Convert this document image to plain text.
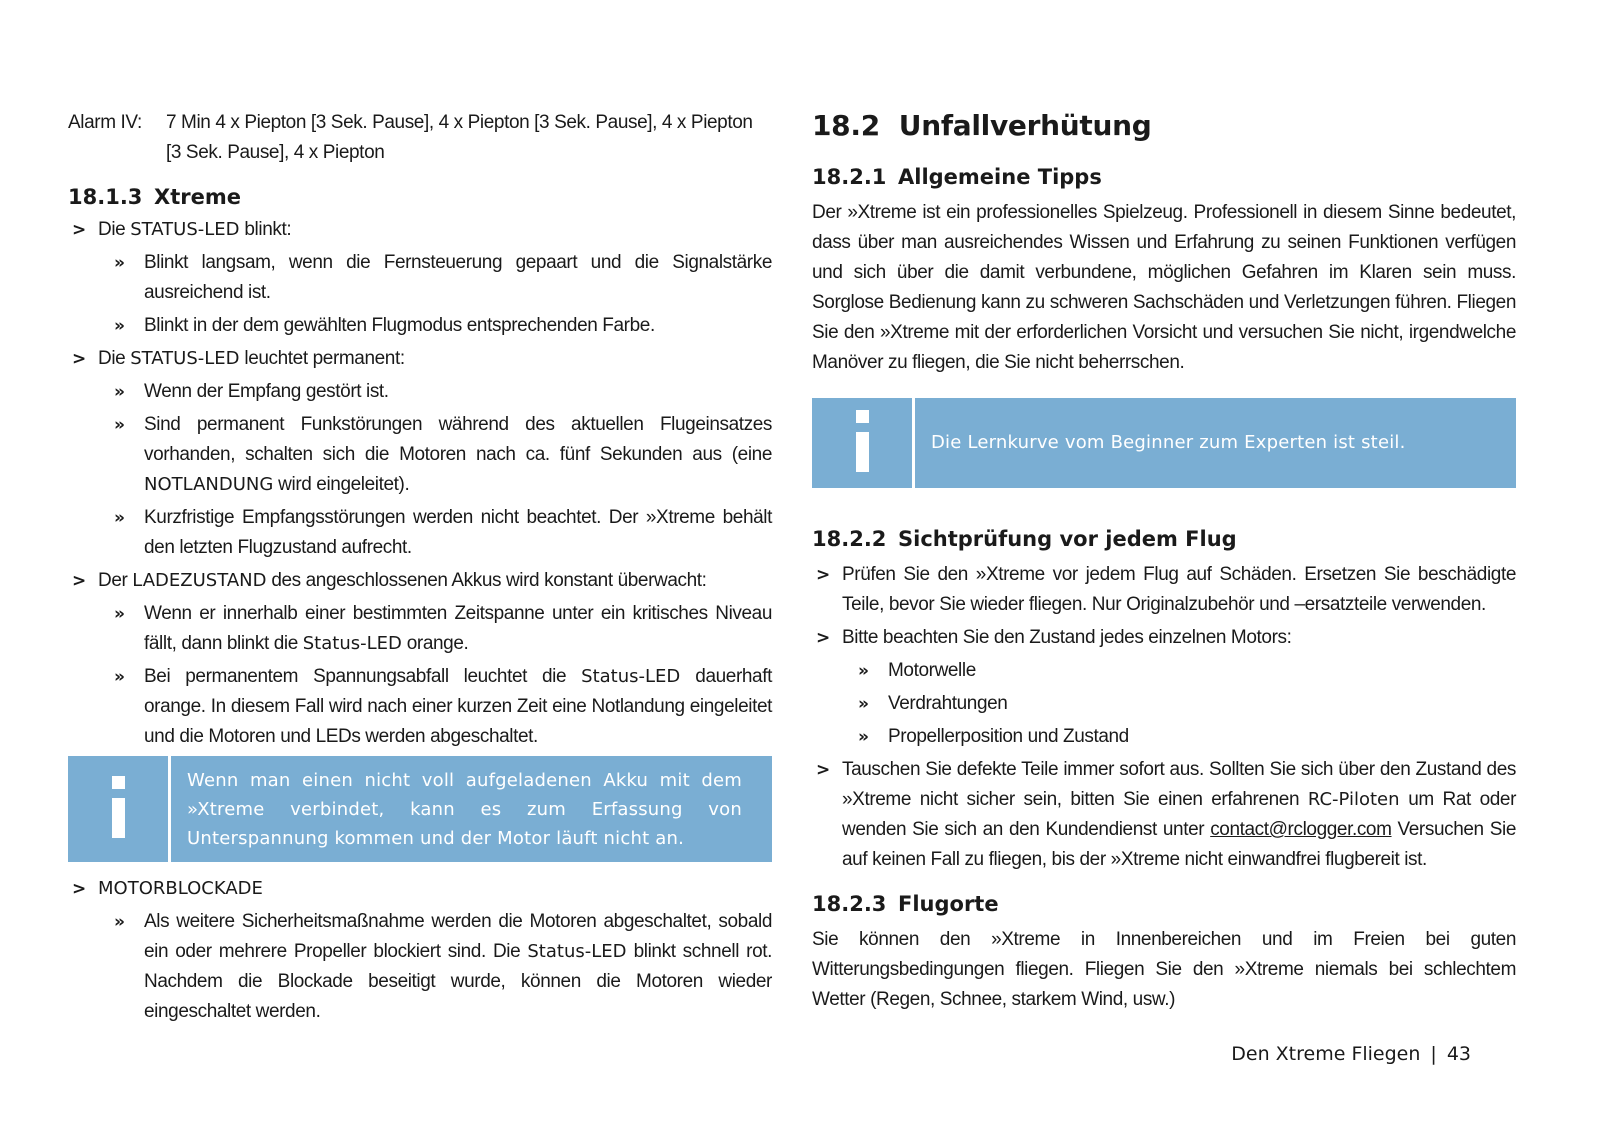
Alarm IV:	7 Min 4 x Piepton [3 Sek. Pause], 4 x Piepton [3 Sek. Pause], 4 x Piepton [3 Sek. Pause], 4 x Piepton
18.1.3 Xtreme
> Die STATUS-LED blinkt:
»	Blinkt langsam, wenn die Fernsteuerung gepaart und die Signalstärke ausreichend ist.
»	Blinkt in der dem gewählten Flugmodus entsprechenden Farbe.
> Die STATUS-LED leuchtet permanent:
»	Wenn der Empfang gestört ist.
»	Sind permanent Funkstörungen während des aktuellen Flugeinsatzes vorhanden, schalten sich die Motoren nach ca. fünf Sekunden aus (eine NOTLANDUNG wird eingeleitet).
»	Kurzfristige Empfangsstörungen werden nicht beachtet. Der »Xtreme behält den letzten Flugzustand aufrecht.
> Der LADEZUSTAND des angeschlossenen Akkus wird konstant überwacht:
»	Wenn er innerhalb einer bestimmten Zeitspanne unter ein kritisches Niveau fällt, dann blinkt die Status-LED orange.
»	Bei permanentem Spannungsabfall leuchtet die Status-LED dauerhaft orange. In diesem Fall wird nach einer kurzen Zeit eine Notlandung eingeleitet und die Motoren und LEDs werden abgeschaltet.
Wenn man einen nicht voll aufgeladenen Akku mit dem »Xtreme verbindet, kann es zum Erfassung von Unterspannung kommen und der Motor läuft nicht an.
> MOTORBLOCKADE
»	Als weitere Sicherheitsmaßnahme werden die Motoren abgeschaltet, sobald ein oder mehrere Propeller blockiert sind. Die Status-LED blinkt schnell rot. Nachdem die Blockade beseitigt wurde, können die Motoren wieder eingeschaltet werden.
18.2 Unfallverhütung
18.2.1 Allgemeine Tipps

Der »Xtreme ist ein professionelles Spielzeug. Professionell in diesem Sinne bedeutet, dass über man ausreichendes Wissen und Erfahrung zu seinen Funktionen verfügen und sich über die damit verbundene, möglichen Gefahren im Klaren sein muss. Sorglose Bedienung kann zu schweren Sachschäden und Verletzungen führen. Fliegen Sie den »Xtreme mit der erforderlichen Vorsicht und versuchen Sie nicht, irgendwelche Manöver zu fliegen, die Sie nicht beherrschen.

Die Lernkurve vom Beginner zum Experten ist steil.
18.2.2 Sichtprüfung vor jedem Flug
> Prüfen Sie den »Xtreme vor jedem Flug auf Schäden. Ersetzen Sie beschädigte Teile, bevor Sie wieder fliegen. Nur Originalzubehör und –ersatzteile verwenden.
> Bitte beachten Sie den Zustand jedes einzelnen Motors:
»	Motorwelle
»	Verdrahtungen
»	Propellerposition und Zustand
> Tauschen Sie defekte Teile immer sofort aus. Sollten Sie sich über den Zustand des »Xtreme nicht sicher sein, bitten Sie einen erfahrenen RC-Piloten um Rat oder wenden Sie sich an den Kundendienst unter contact@rclogger.com Versuchen Sie auf keinen Fall zu fliegen, bis der »Xtreme nicht einwandfrei flugbereit ist.
18.2.3 Flugorte

Sie können den »Xtreme in Innenbereichen und im Freien bei guten Witterungsbedingungen fliegen. Fliegen Sie den »Xtreme niemals bei schlechtem Wetter (Regen, Schnee, starkem Wind, usw.)

Den Xtreme Fliegen | 43
